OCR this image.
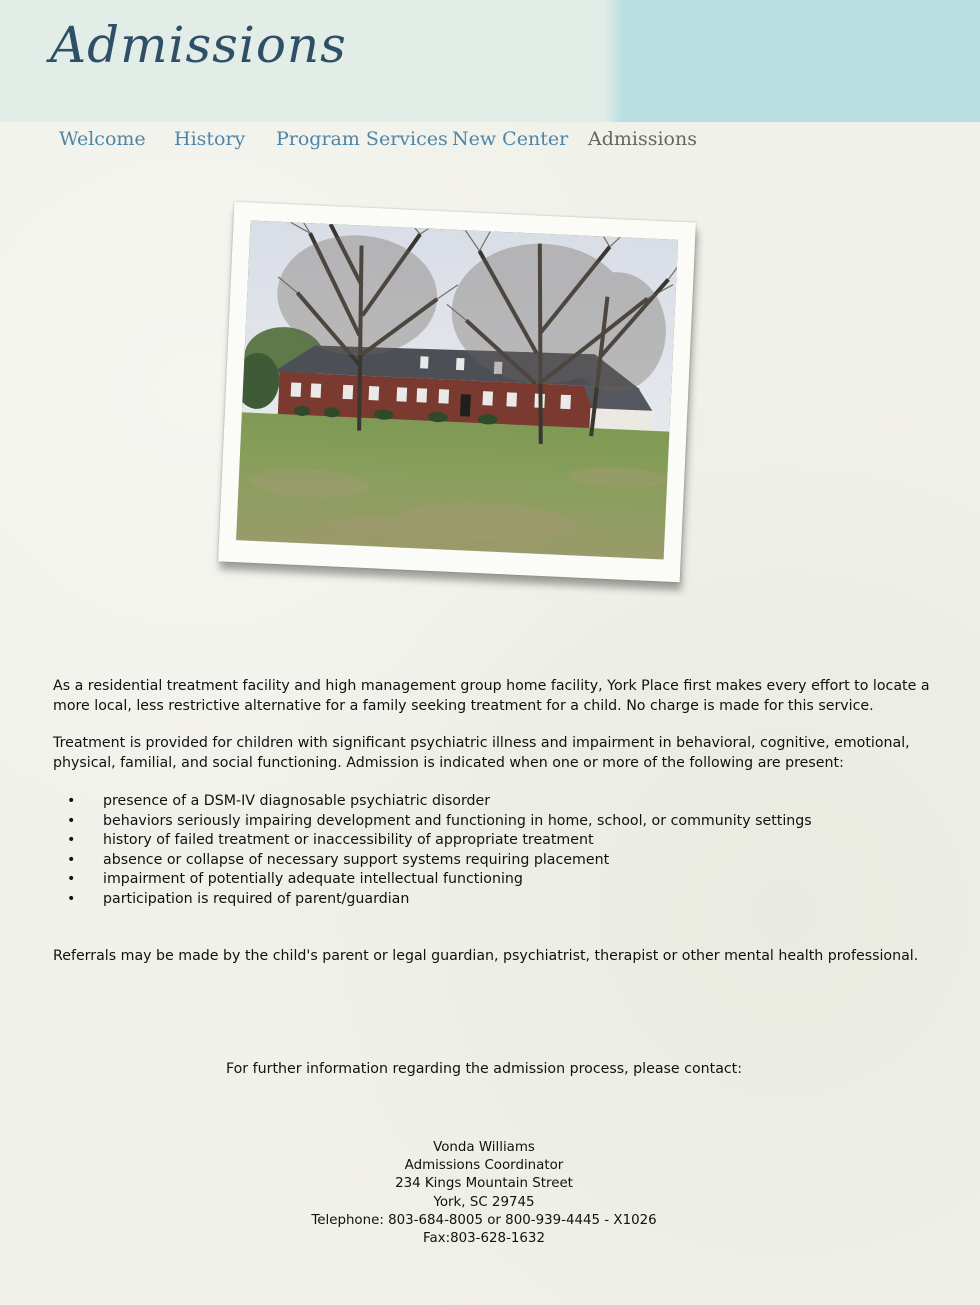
Admissions
Welcome History Program Services New Center Admissions

As a residential treatment facility and high management group home facility, York Place first makes every effort to locate a more local, less restrictive alternative for a family seeking treatment for a child. No charge is made for this service.

Treatment is provided for children with significant psychiatric illness and impairment in behavioral, cognitive, emotional, physical, familial, and social functioning. Admission is indicated when one or more of the following are present:

• presence of a DSM-IV diagnosable psychiatric disorder
• behaviors seriously impairing development and functioning in home, school, or community settings
• history of failed treatment or inaccessibility of appropriate treatment
• absence or collapse of necessary support systems requiring placement
• impairment of potentially adequate intellectual functioning
• participation is required of parent/guardian

Referrals may be made by the child's parent or legal guardian, psychiatrist, therapist or other mental health professional.

For further information regarding the admission process, please contact:
Vonda Williams
Admissions Coordinator
234 Kings Mountain Street
York, SC 29745
Telephone: 803-684-8005 or 800-939-4445 - X1026
Fax:803-628-1632
